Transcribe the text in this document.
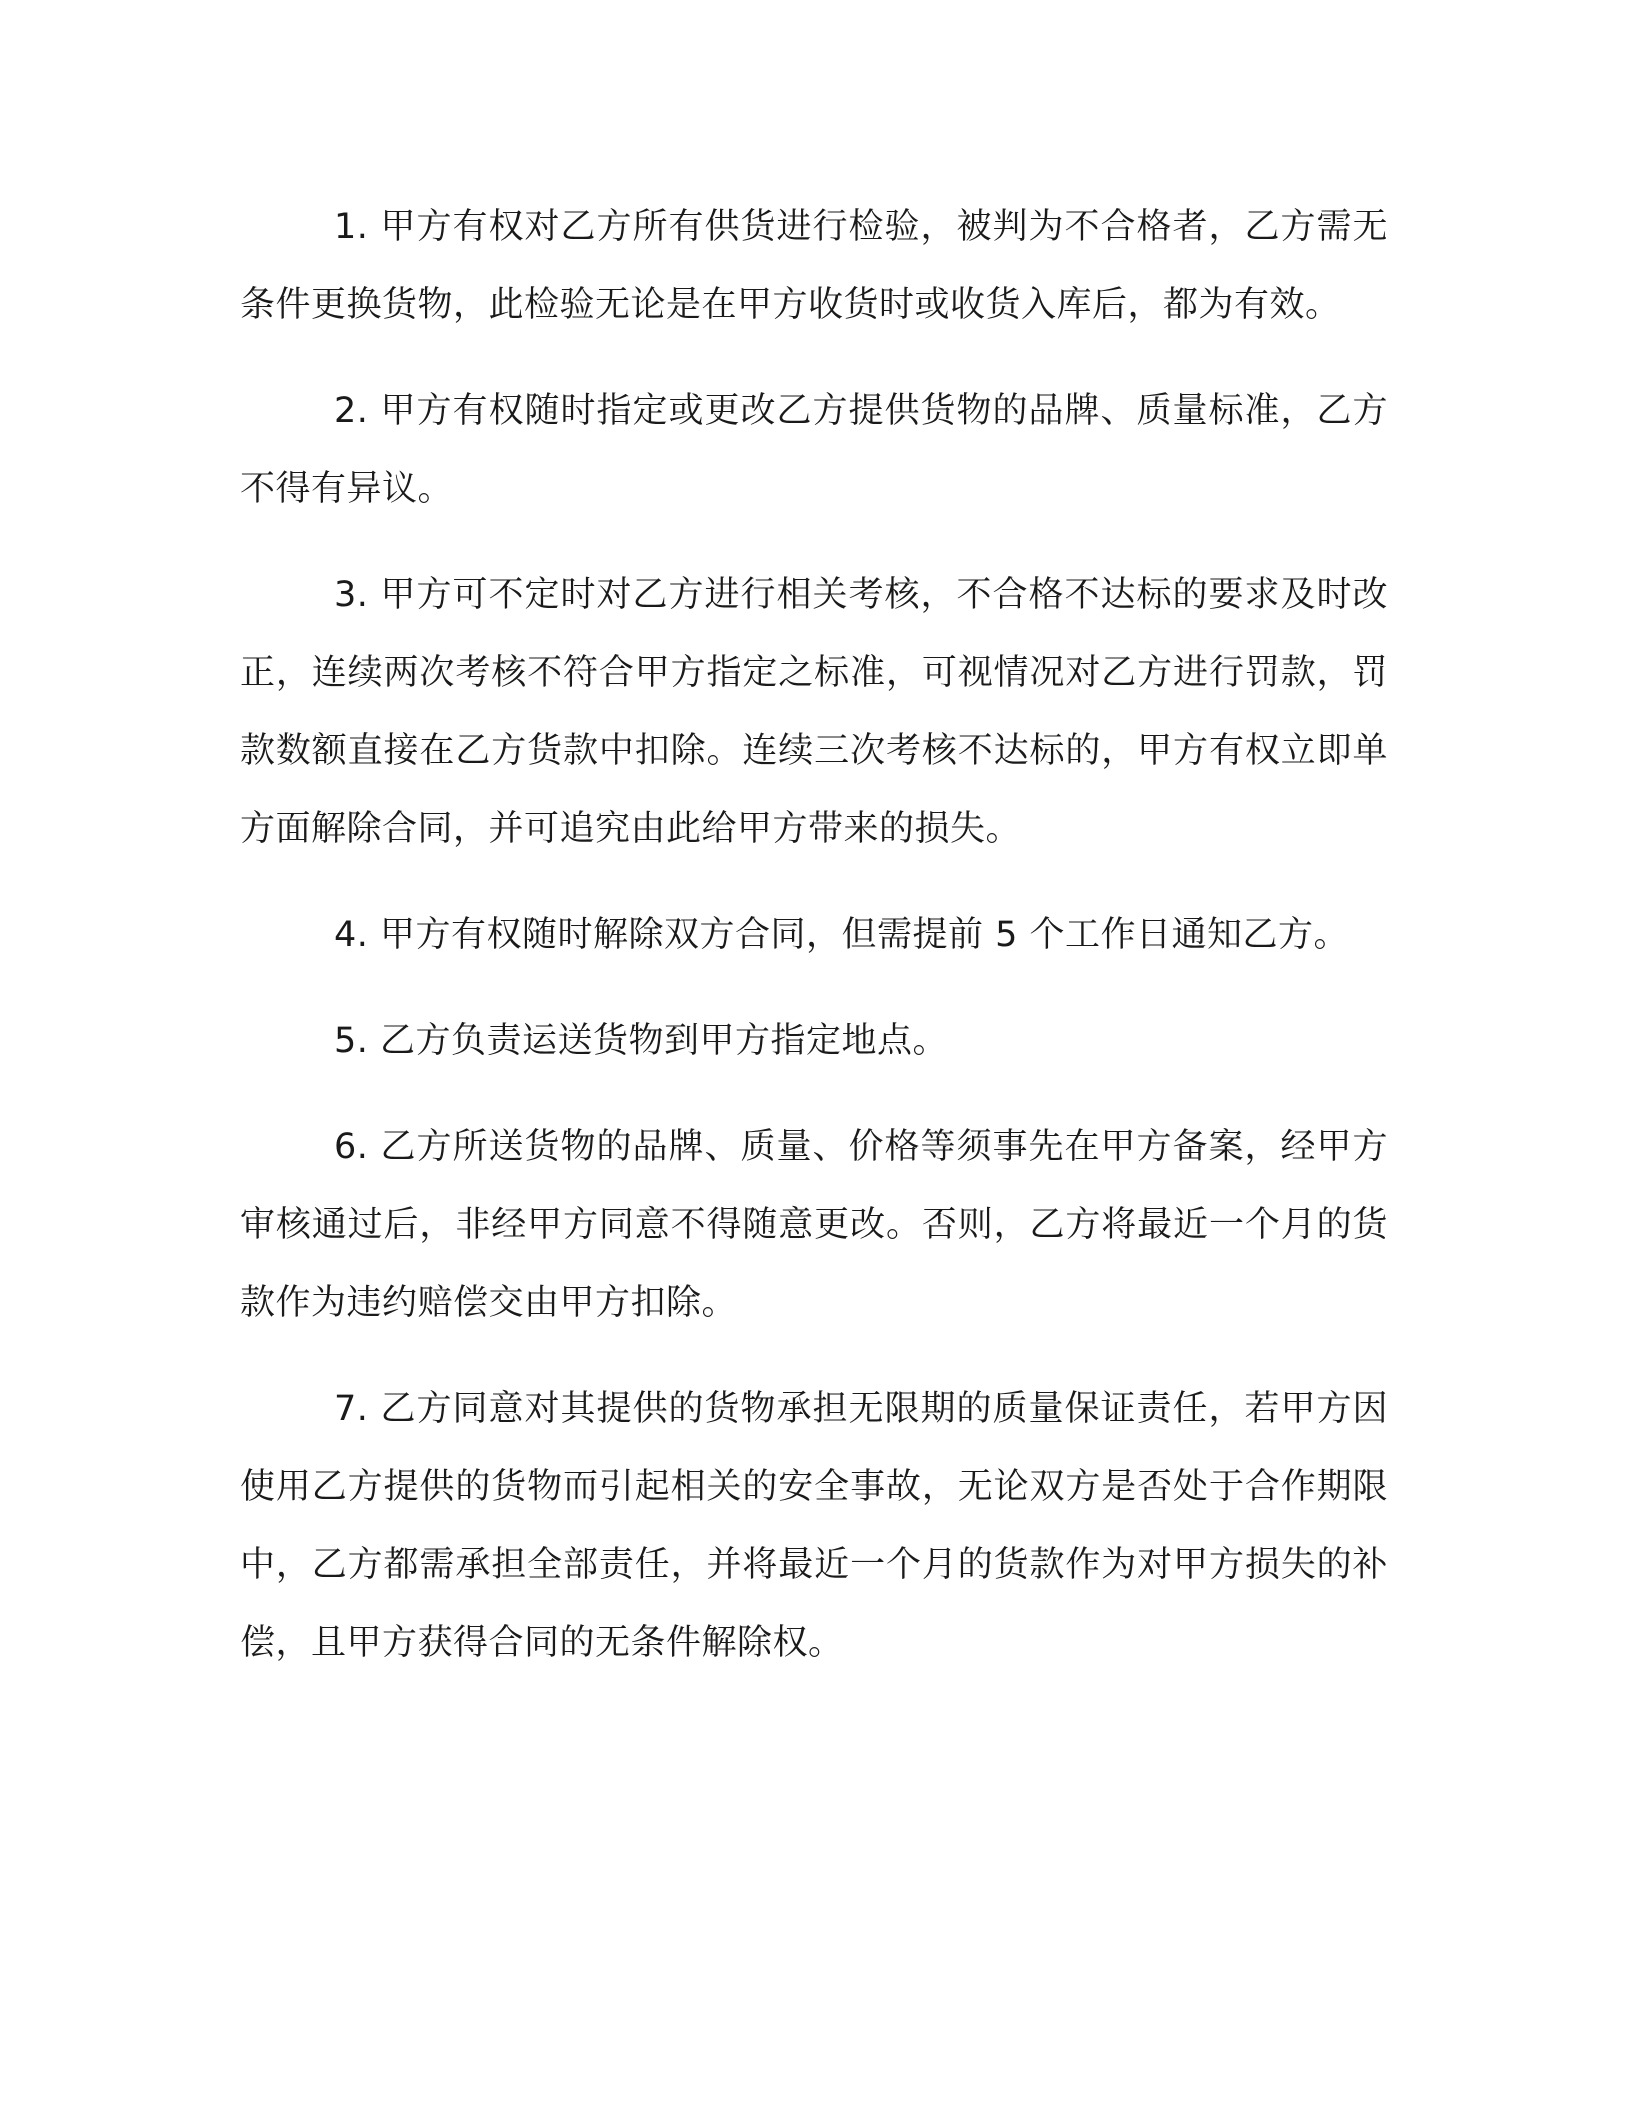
1. 甲方有权对乙方所有供货进行检验，被判为不合格者，乙方需无条件更换货物，此检验无论是在甲方收货时或收货入库后，都为有效。

2. 甲方有权随时指定或更改乙方提供货物的品牌、质量标准，乙方不得有异议。

3. 甲方可不定时对乙方进行相关考核，不合格不达标的要求及时改正，连续两次考核不符合甲方指定之标准，可视情况对乙方进行罚款，罚款数额直接在乙方货款中扣除。连续三次考核不达标的，甲方有权立即单方面解除合同，并可追究由此给甲方带来的损失。

4. 甲方有权随时解除双方合同，但需提前 5 个工作日通知乙方。

5. 乙方负责运送货物到甲方指定地点。

6. 乙方所送货物的品牌、质量、价格等须事先在甲方备案，经甲方审核通过后，非经甲方同意不得随意更改。否则，乙方将最近一个月的货款作为违约赔偿交由甲方扣除。

7. 乙方同意对其提供的货物承担无限期的质量保证责任，若甲方因使用乙方提供的货物而引起相关的安全事故，无论双方是否处于合作期限中，乙方都需承担全部责任，并将最近一个月的货款作为对甲方损失的补偿，且甲方获得合同的无条件解除权。
